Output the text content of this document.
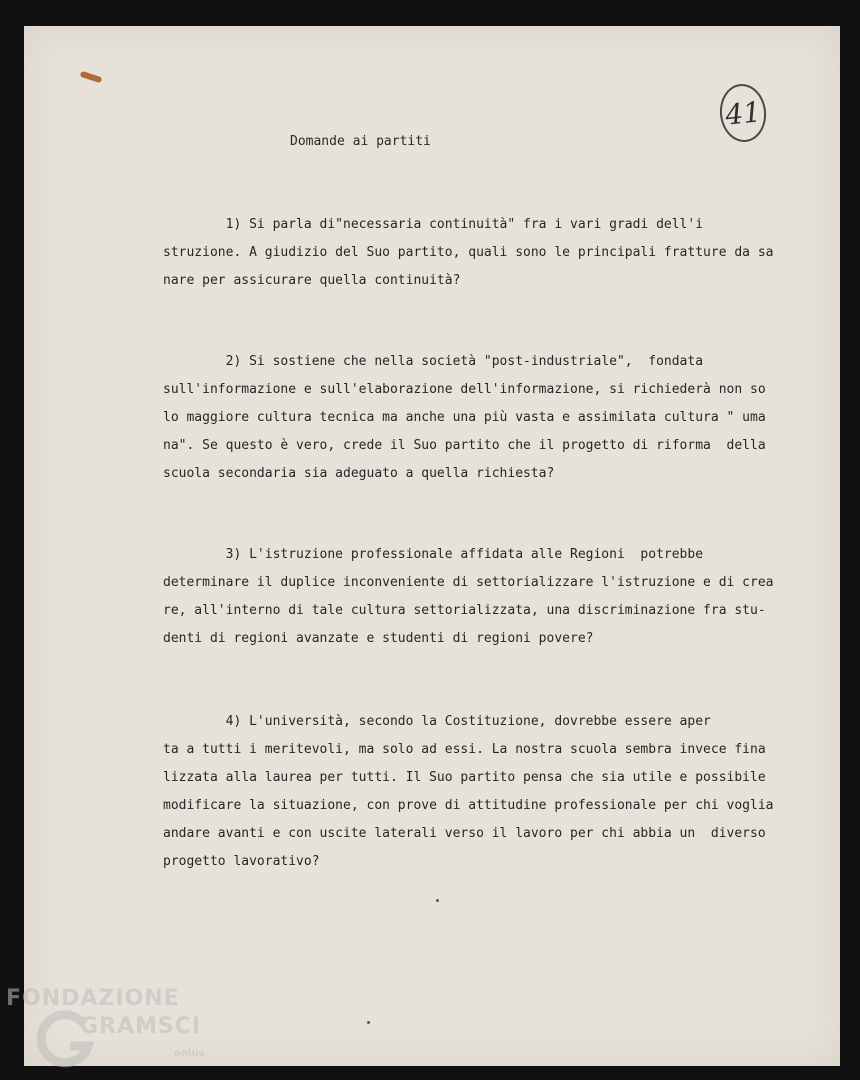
41
Domande ai partiti
1) Si parla di"necessaria continuità" fra i vari gradi dell'i
struzione. A giudizio del Suo partito, quali sono le principali fratture da sa
nare per assicurare quella continuità?
2) Si sostiene che nella società "post-industriale",  fondata
sull'informazione e sull'elaborazione dell'informazione, si richiederà non so
lo maggiore cultura tecnica ma anche una più vasta e assimilata cultura " uma
na". Se questo è vero, crede il Suo partito che il progetto di riforma  della
scuola secondaria sia adeguato a quella richiesta?
3) L'istruzione professionale affidata alle Regioni  potrebbe
determinare il duplice inconveniente di settorializzare l'istruzione e di crea
re, all'interno di tale cultura settorializzata, una discriminazione fra stu-
denti di regioni avanzate e studenti di regioni povere?
4) L'università, secondo la Costituzione, dovrebbe essere aper
ta a tutti i meritevoli, ma solo ad essi. La nostra scuola sembra invece fina
lizzata alla laurea per tutti. Il Suo partito pensa che sia utile e possibile
modificare la situazione, con prove di attitudine professionale per chi voglia
andare avanti e con uscite laterali verso il lavoro per chi abbia un  diverso
progetto lavorativo?
FONDAZIONE
GRAMSCI
onlus
